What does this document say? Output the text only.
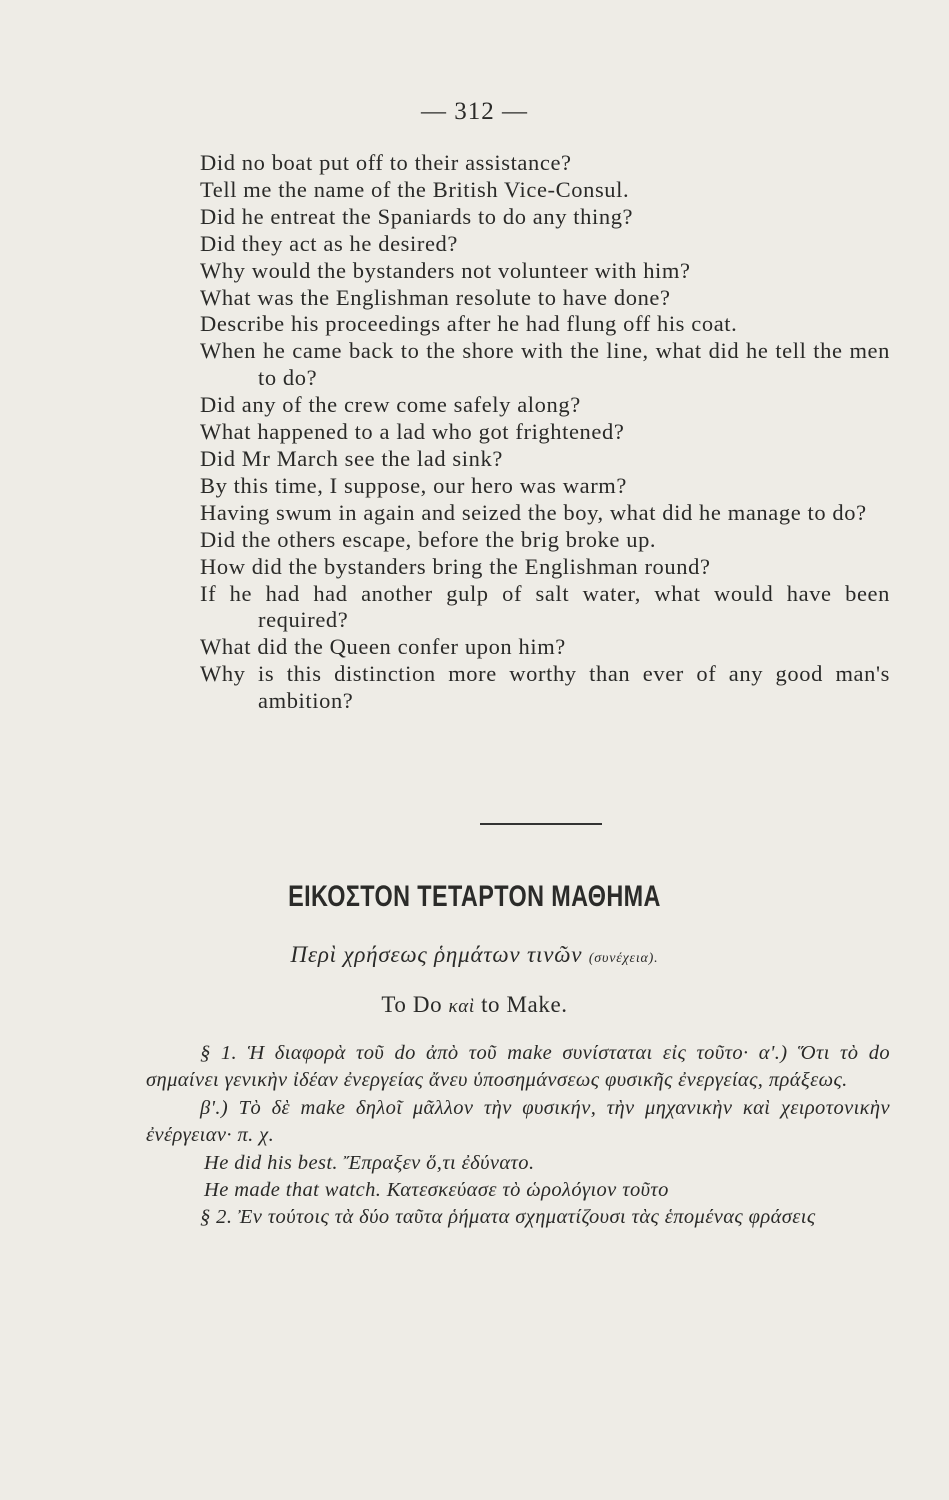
— 312 —
Did no boat put off to their assistance?
Tell me the name of the British Vice-Consul.
Did he entreat the Spaniards to do any thing?
Did they act as he desired?
Why would the bystanders not volunteer with him?
What was the Englishman resolute to have done?
Describe his proceedings after he had flung off his coat.
When he came back to the shore with the line, what did he tell the men to do?
Did any of the crew come safely along?
What happened to a lad who got frightened?
Did Mr March see the lad sink?
By this time, I suppose, our hero was warm?
Having swum in again and seized the boy, what did he manage to do?
Did the others escape, before the brig broke up.
How did the bystanders bring the Englishman round?
If he had had another gulp of salt water, what would have been required?
What did the Queen confer upon him?
Why is this distinction more worthy than ever of any good man's ambition?
ΕΙΚΟΣΤΟΝ ΤΕΤΑΡΤΟΝ ΜΑΘΗΜΑ
Περὶ χρήσεως ῥημάτων τινῶν (συνέχεια).
To Do καὶ to Make.
§ 1. Ἡ διαφορὰ τοῦ do ἀπὸ τοῦ make συνίσταται εἰς τοῦτο· α'.) Ὅτι τὸ do σημαίνει γενικὴν ἰδέαν ἐνεργείας ἄνευ ὑποσημάνσεως φυσικῆς ἐνεργείας, πράξεως.
β'.) Τὸ δὲ make δηλοῖ μᾶλλον τὴν φυσικήν, τὴν μηχανικὴν καὶ χειροτονικὴν ἐνέργειαν· π. χ.
He did his best. Ἔπραξεν ὅ,τι ἐδύνατο.
He made that watch. Κατεσκεύασε τὸ ὡρολόγιον τοῦτο
§ 2. Ἐν τούτοις τὰ δύο ταῦτα ῥήματα σχηματίζουσι τὰς ἑπομένας φράσεις
